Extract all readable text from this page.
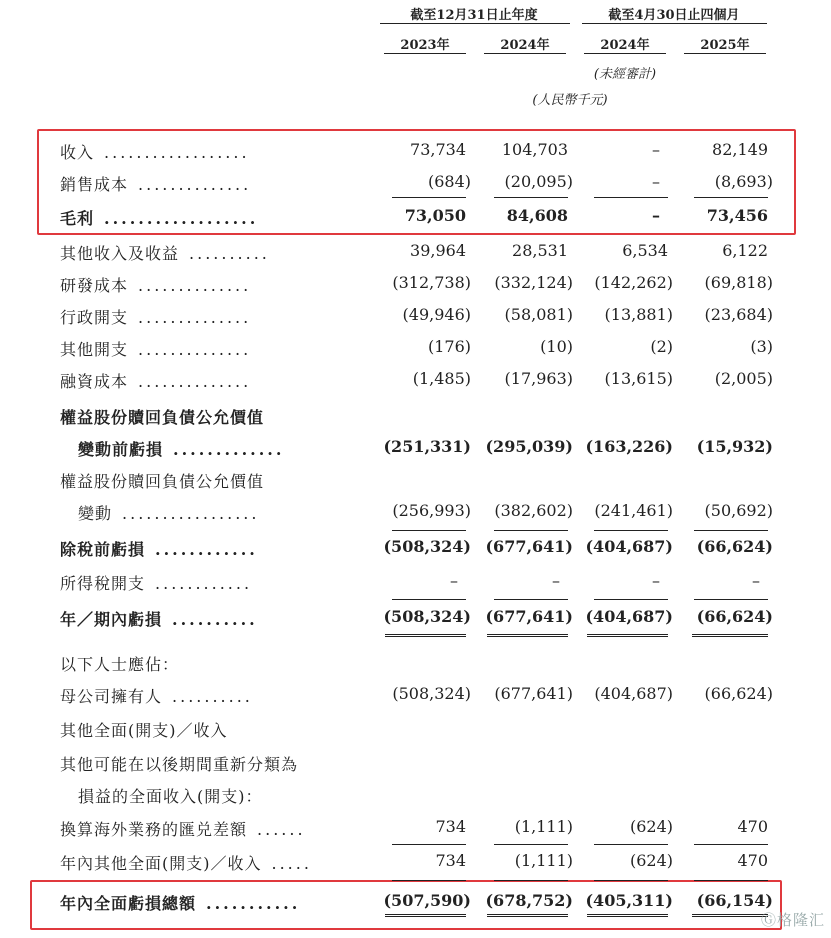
截至12月31日止年度	截至4月30日止四個月
2023年	2024年	2024年	2025年
(未經審計)
(人民幣千元)
收入 ..................	73,734 104,703	–	82,149
銷售成本 ..............	(684) (20,095)	–	(8,693)
毛利 ..................	73,050	84,608	–	73,456
其他收入及收益 ..........	39,964	28,531	6,534	6,122
研發成本 ..............	(312,738) (332,124) (142,262) (69,818)
行政開支 ..............	(49,946) (58,081) (13,881) (23,684)
其他開支 ..............	(176)	(10)	(2)	(3)
融資成本 ..............	(1,485) (17,963) (13,615)	(2,005)
權益股份贖回負債公允價值
變動前虧損 .............	(251,331) (295,039) (163,226) (15,932)
權益股份贖回負債公允價值
變動 .................	(256,993) (382,602) (241,461) (50,692)
除稅前虧損 ............	(508,324) (677,641) (404,687) (66,624)
所得稅開支 ............	–	–	–	–
年／期內虧損 ..........	(508,324) (677,641) (404,687) (66,624)
以下人士應佔：
母公司擁有人 ..........	(508,324) (677,641) (404,687) (66,624)
其他全面(開支)／收入
其他可能在以後期間重新分類為
損益的全面收入(開支)：
換算海外業務的匯兑差額 ......	734	(1,111)	(624)	470
年內其他全面(開支)／收入 .....	734	(1,111)	(624)	470
年內全面虧損總額 ...........	(507,590) (678,752) (405,311) (66,154)
Ⓖ格隆汇
